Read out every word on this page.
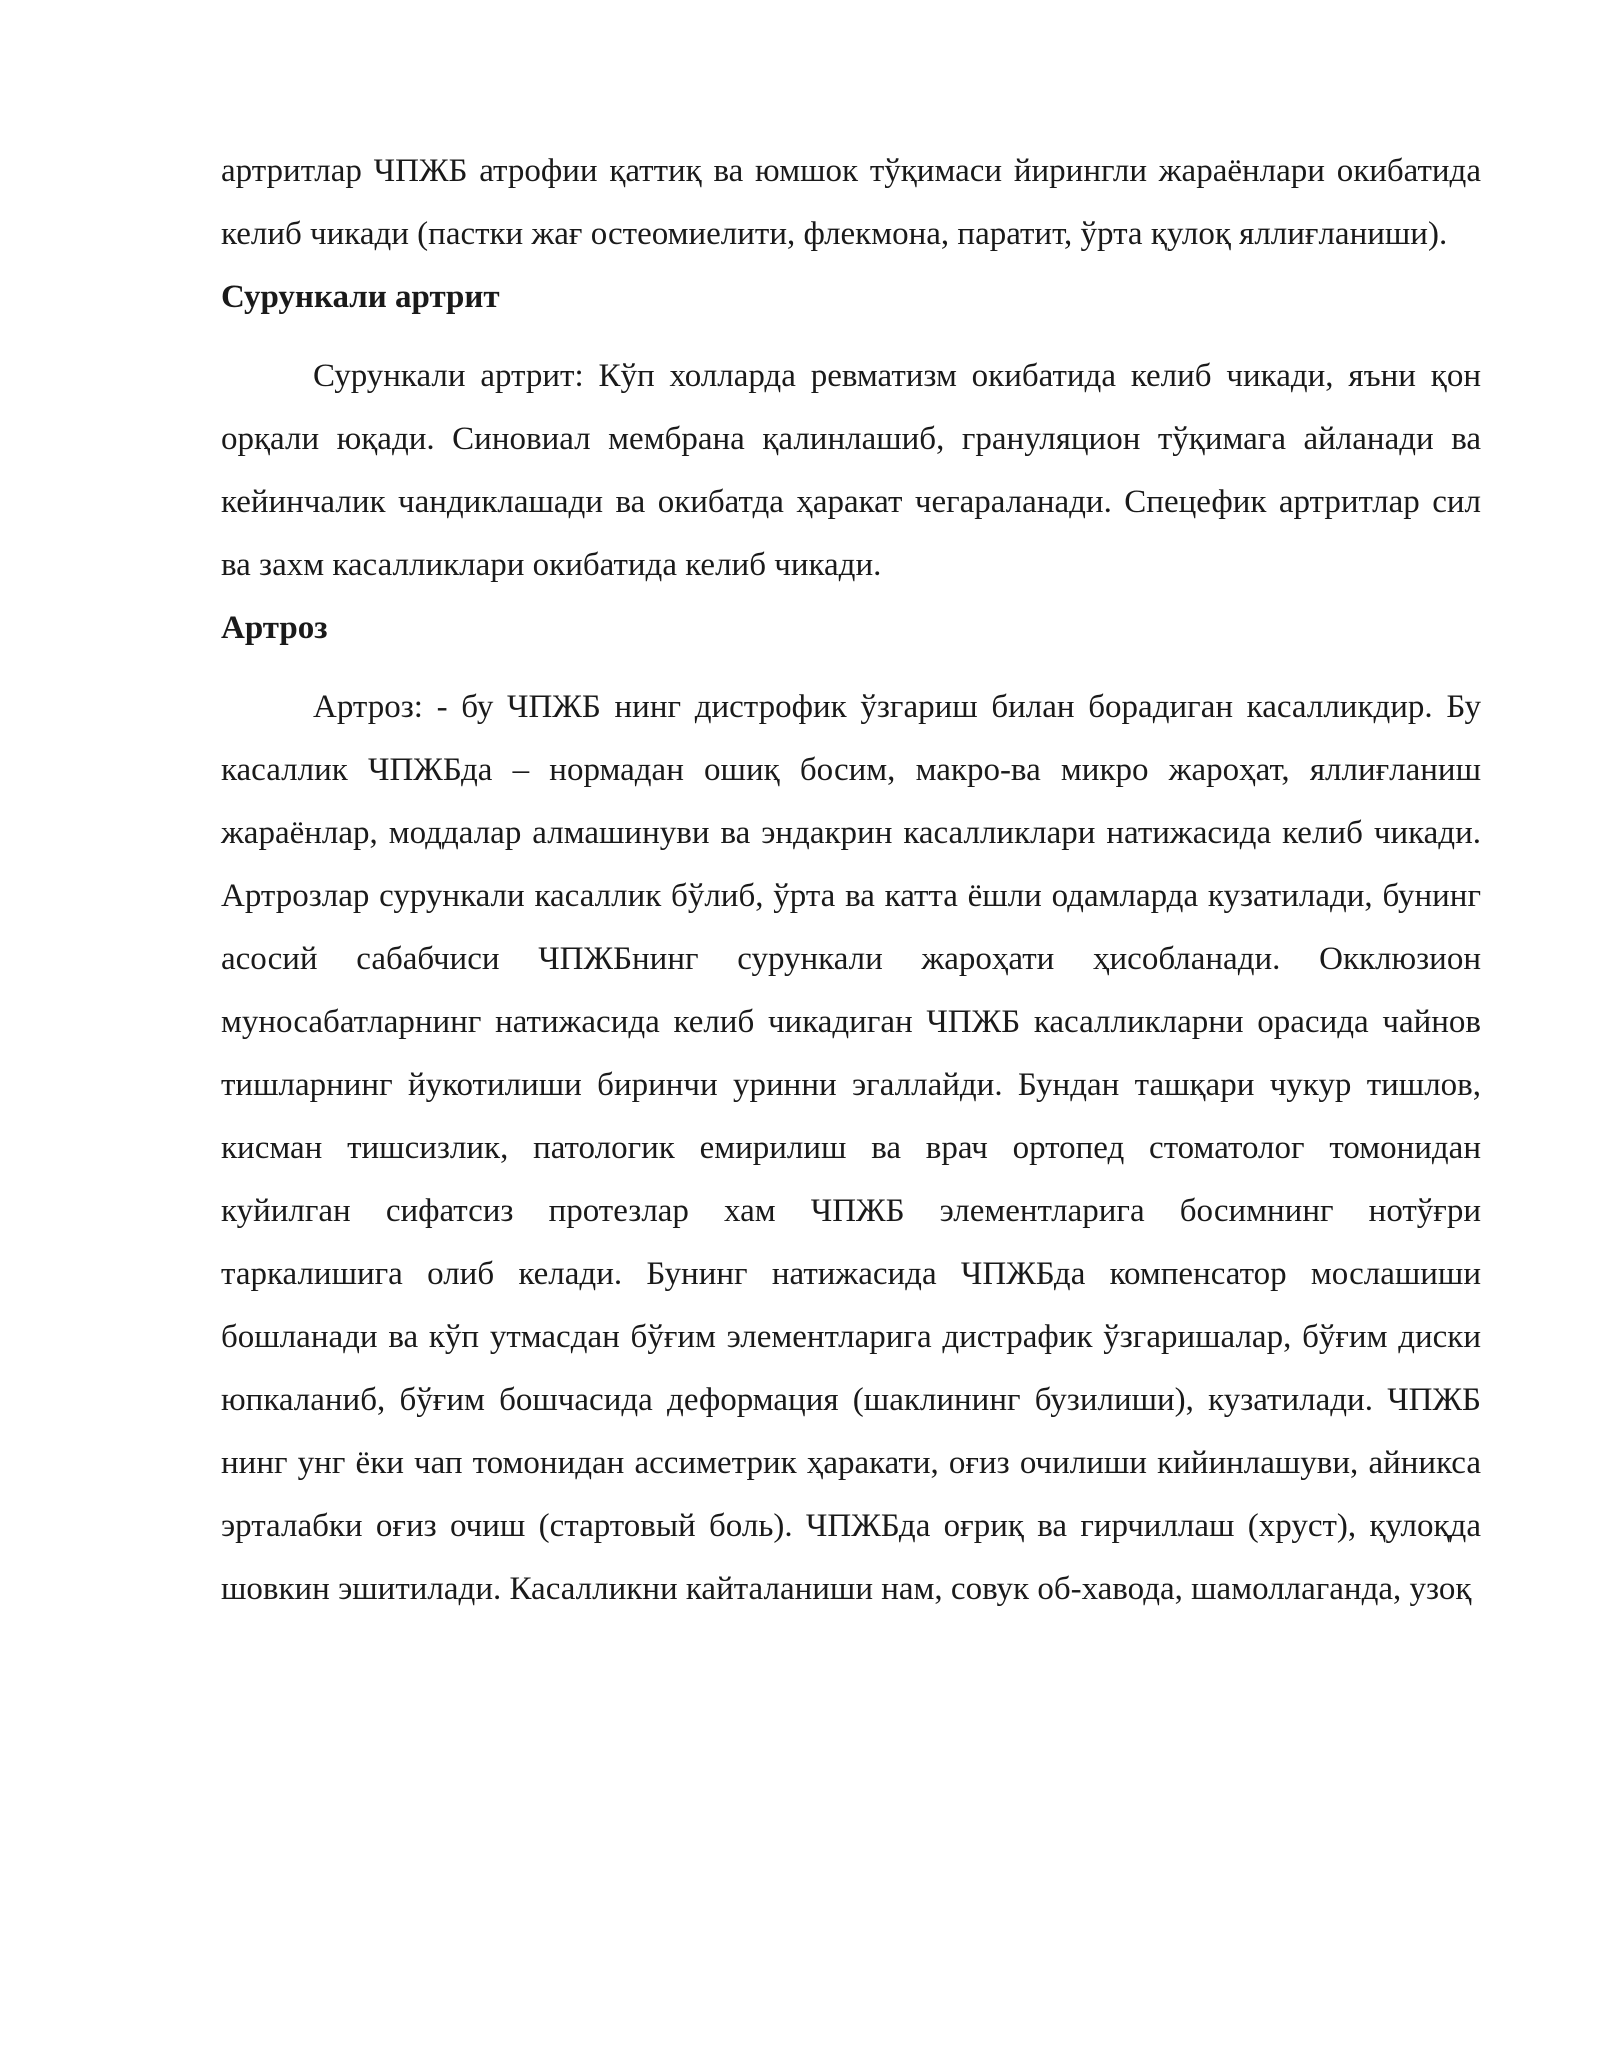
артритлар ЧПЖБ атрофии қаттиқ ва юмшок тўқимаси йирингли жараёнлари окибатида келиб чикади (пастки жағ остеомиелити, флекмона, паратит, ўрта қулоқ яллиғланиши).

Сурункали артрит

Сурункали артрит: Кўп холларда ревматизм окибатида келиб чикади, яъни қон орқали юқади. Синовиал мембрана қалинлашиб, грануляцион тўқимага айланади ва кейинчалик чандиклашади ва окибатда ҳаракат чегараланади. Спецефик артритлар сил ва захм касалликлари окибатида келиб чикади.

Артроз

Артроз: - бу ЧПЖБ нинг дистрофик ўзгариш билан борадиган касалликдир. Бу касаллик ЧПЖБда – нормадан ошиқ босим, макро-ва микро жароҳат, яллиғланиш жараёнлар, моддалар алмашинуви ва эндакрин касалликлари натижасида келиб чикади. Артрозлар сурункали касаллик бўлиб, ўрта ва катта ёшли одамларда кузатилади, бунинг асосий сабабчиси ЧПЖБнинг сурункали жароҳати ҳисобланади. Окклюзион муносабатларнинг натижасида келиб чикадиган ЧПЖБ касалликларни орасида чайнов тишларнинг йукотилиши биринчи уринни эгаллайди. Бундан ташқари чукур тишлов, кисман тишсизлик, патологик емирилиш ва врач ортопед стоматолог томонидан куйилган сифатсиз протезлар хам ЧПЖБ элементларига босимнинг нотўғри таркалишига олиб келади. Бунинг натижасида ЧПЖБда компенсатор мослашиши бошланади ва кўп утмасдан бўғим элементларига дистрафик ўзгаришалар, бўғим диски юпкаланиб, бўғим бошчасида деформация (шаклининг бузилиши), кузатилади. ЧПЖБ нинг унг ёки чап томонидан ассиметрик ҳаракати, оғиз очилиши кийинлашуви, айникса эрталабки оғиз очиш (стартовый боль). ЧПЖБда оғриқ ва гирчиллаш (хруст), қулоқда шовкин эшитилади. Касалликни кайталаниши нам, совук об-хавода, шамоллаганда, узоқ
